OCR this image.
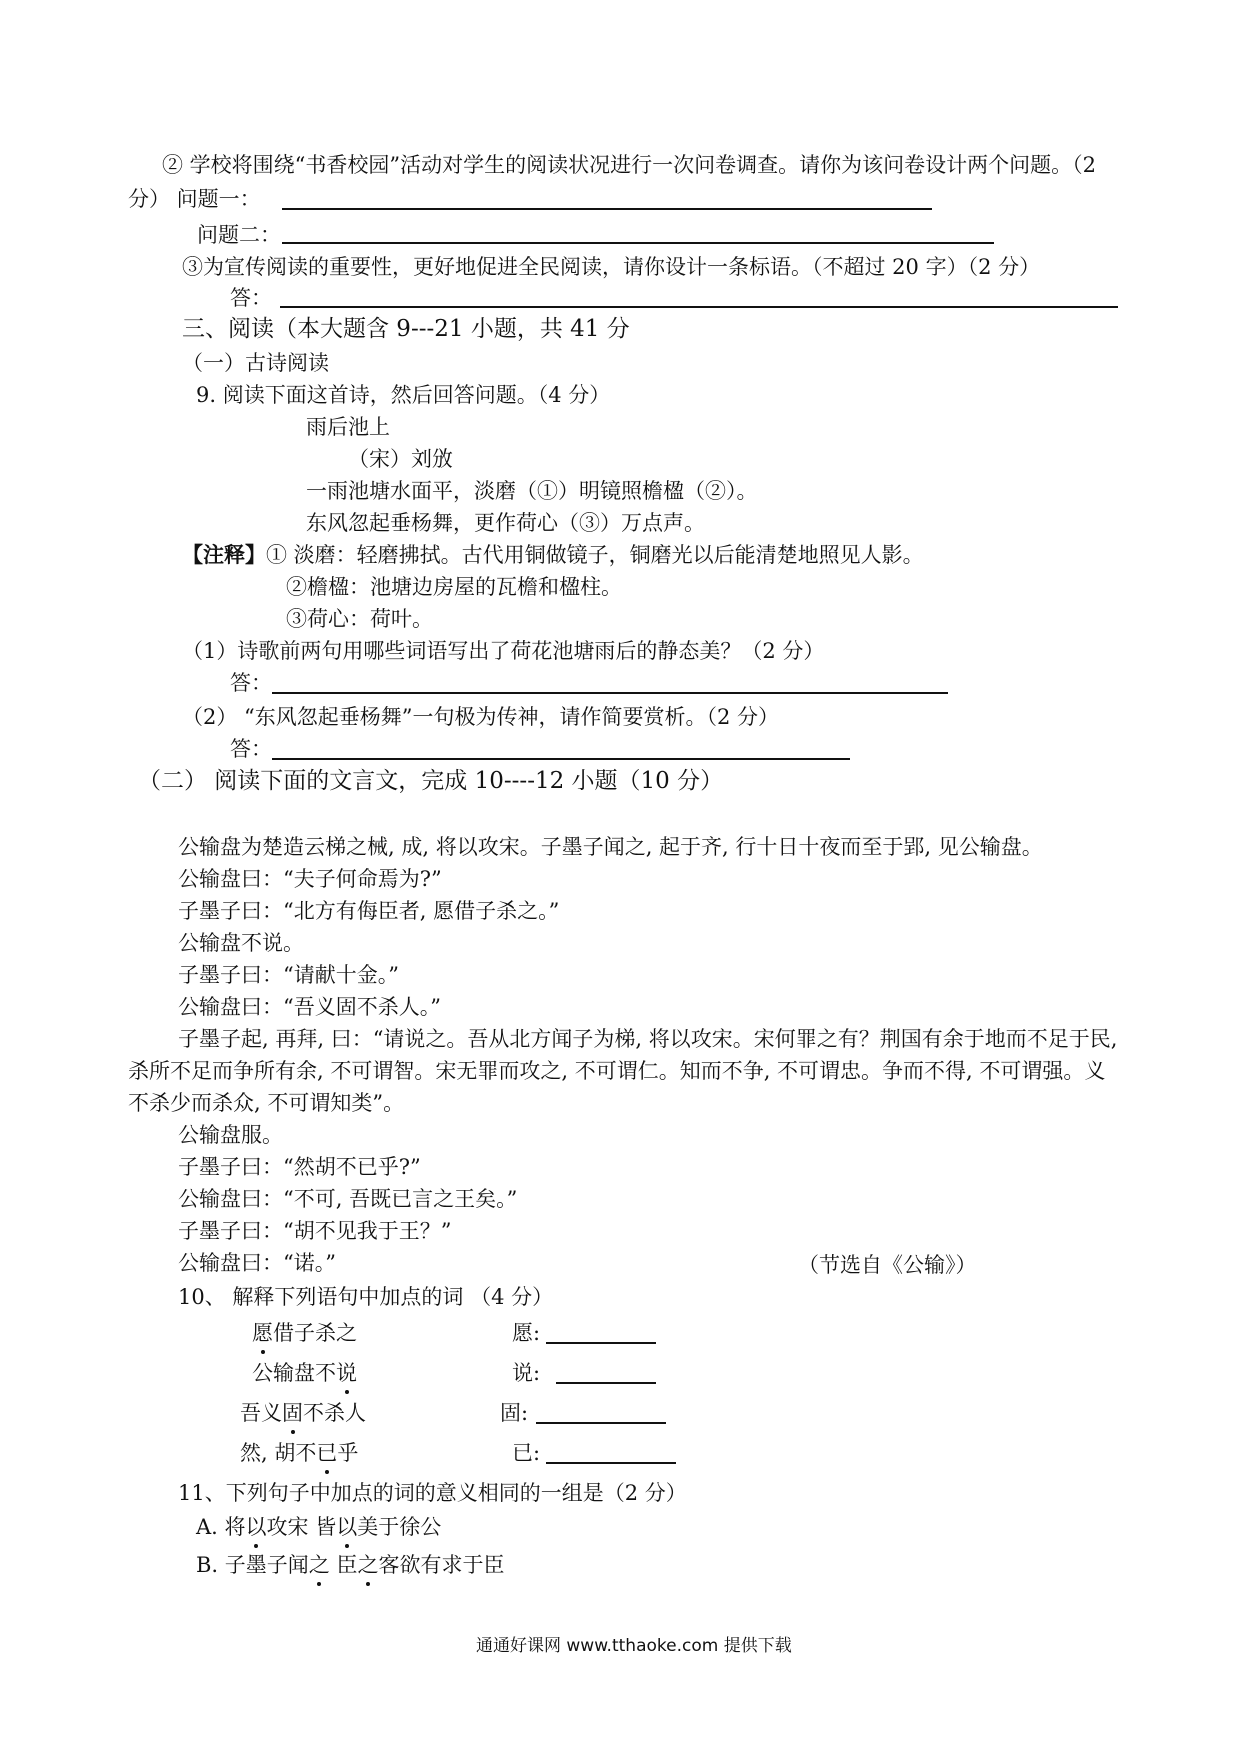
② 学校将围绕“书香校园”活动对学生的阅读状况进行一次问卷调查。请你为该问卷设计两个问题。（2
分） 问题一：
问题二：
③为宣传阅读的重要性，更好地促进全民阅读，请你设计一条标语。（不超过 20 字）（2 分）
答：
三、阅读（本大题含 9---21 小题，共 41 分
（一）古诗阅读
9. 阅读下面这首诗，然后回答问题。（4 分）
雨后池上
（宋）刘攽
一雨池塘水面平，淡磨（①）明镜照檐楹（②）。
东风忽起垂杨舞，更作荷心（③）万点声。
【注释】① 淡磨：轻磨拂拭。古代用铜做镜子，铜磨光以后能清楚地照见人影。
②檐楹：池塘边房屋的瓦檐和楹柱。
③荷心：荷叶。
（1）诗歌前两句用哪些词语写出了荷花池塘雨后的静态美？（2 分）
答：
（2） “东风忽起垂杨舞”一句极为传神，请作简要赏析。（2 分）
答：
（二） 阅读下面的文言文，完成 10----12 小题（10 分）
公输盘为楚造云梯之械, 成, 将以攻宋。子墨子闻之, 起于齐, 行十日十夜而至于郢, 见公输盘。
公输盘曰：“夫子何命焉为?”
子墨子曰：“北方有侮臣者, 愿借子杀之。”
公输盘不说。
子墨子曰：“请献十金。”
公输盘曰：“吾义固不杀人。”
子墨子起, 再拜, 曰：“请说之。吾从北方闻子为梯, 将以攻宋。宋何罪之有？荆国有余于地而不足于民,
杀所不足而争所有余, 不可谓智。宋无罪而攻之, 不可谓仁。知而不争, 不可谓忠。争而不得, 不可谓强。义
不杀少而杀众, 不可谓知类”。
公输盘服。
子墨子曰：“然胡不已乎?”
公输盘曰：“不可, 吾既已言之王矣。”
子墨子曰：“胡不见我于王？”
公输盘曰：“诺。”	（节选自《公输》）
10、 解释下列语句中加点的词 （4 分）
愿借子杀之	愿:
公输盘不说	说:
吾义固不杀人	固:
然, 胡不已乎	已:
11、下列句子中加点的词的意义相同的一组是（2 分）
A. 将以攻宋 皆以美于徐公
B. 子墨子闻之 臣之客欲有求于臣
通通好课网 www.tthaoke.com 提供下载
